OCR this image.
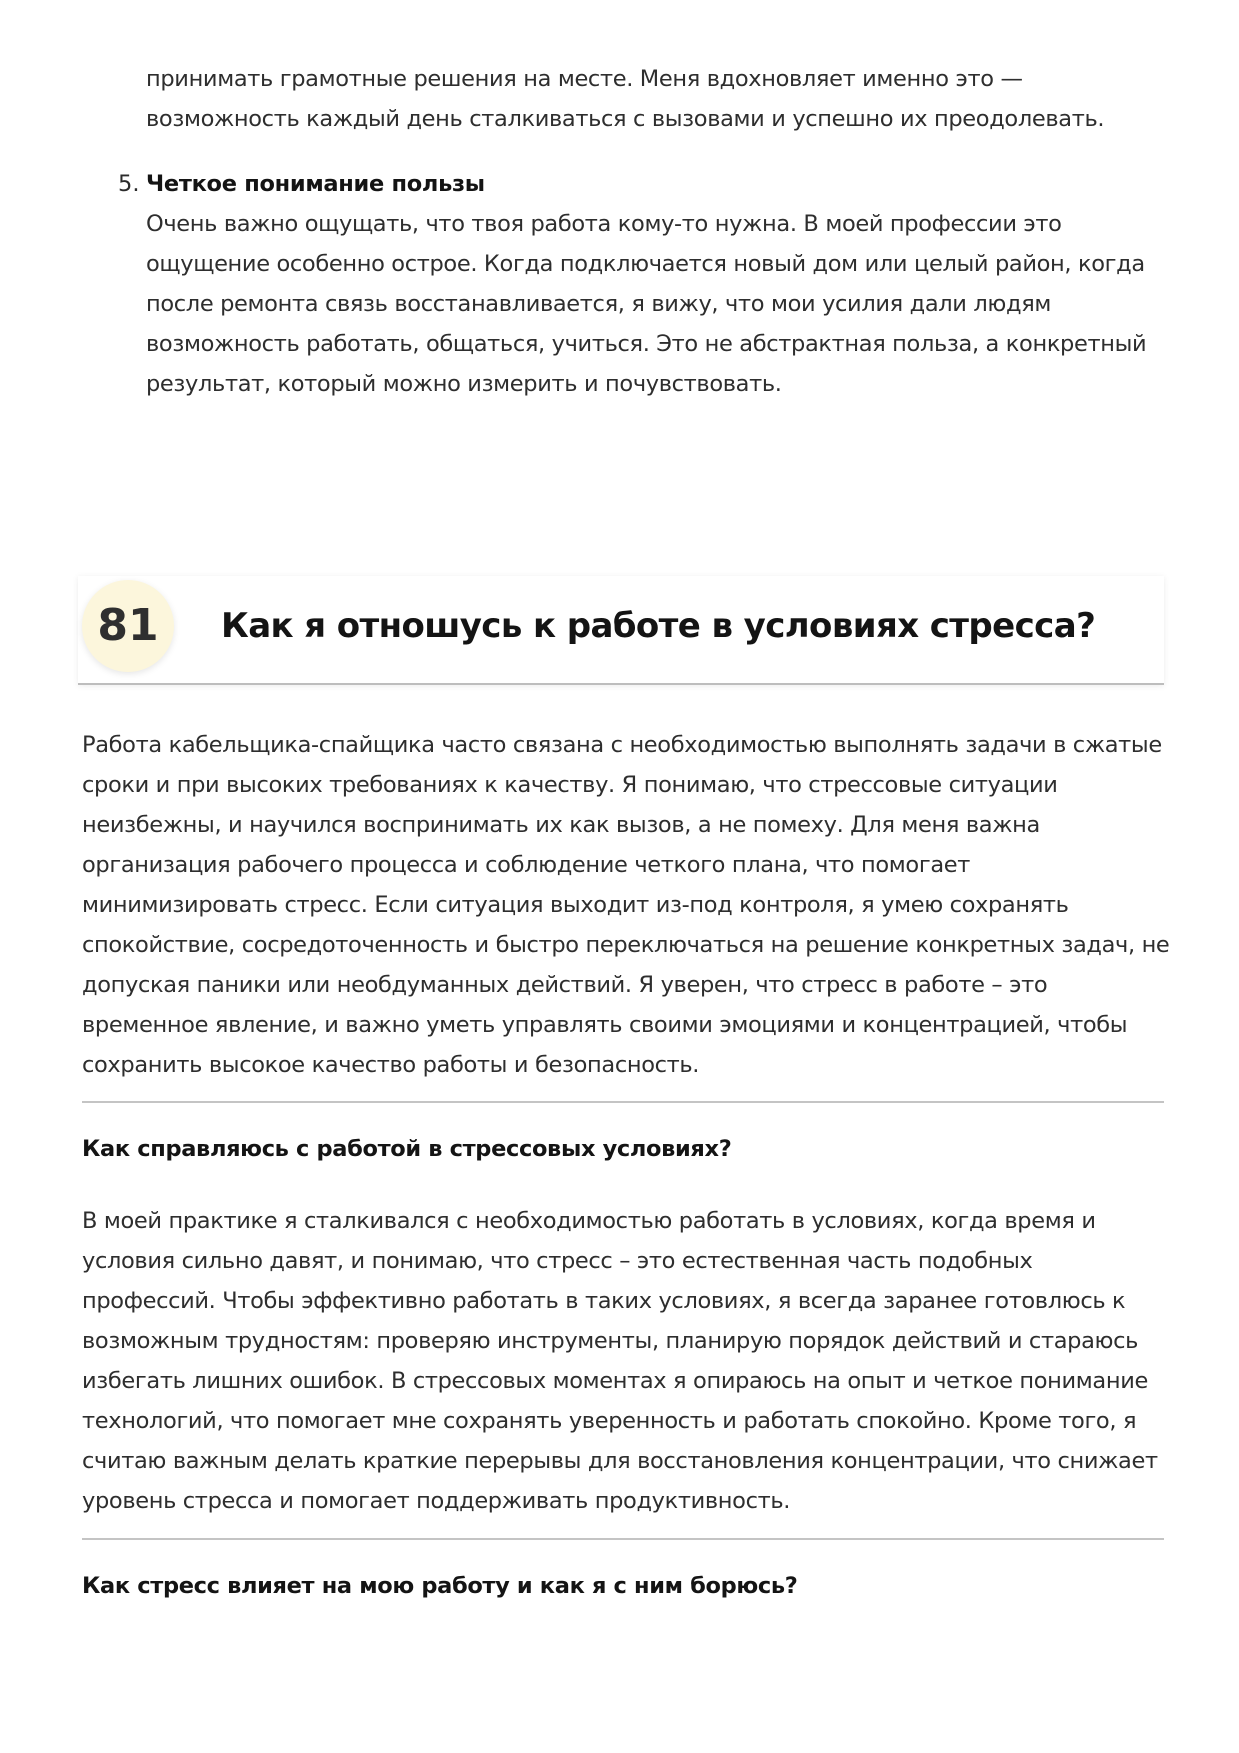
принимать грамотные решения на месте. Меня вдохновляет именно это — возможность каждый день сталкиваться с вызовами и успешно их преодолевать.

5. Четкое понимание пользы

Очень важно ощущать, что твоя работа кому-то нужна. В моей профессии это ощущение особенно острое. Когда подключается новый дом или целый район, когда после ремонта связь восстанавливается, я вижу, что мои усилия дали людям возможность работать, общаться, учиться. Это не абстрактная польза, а конкретный результат, который можно измерить и почувствовать.

81	Как я отношусь к работе в условиях стресса?

Работа кабельщика-спайщика часто связана с необходимостью выполнять задачи в сжатые сроки и при высоких требованиях к качеству. Я понимаю, что стрессовые ситуации неизбежны, и научился воспринимать их как вызов, а не помеху. Для меня важна организация рабочего процесса и соблюдение четкого плана, что помогает минимизировать стресс. Если ситуация выходит из-под контроля, я умею сохранять спокойствие, сосредоточенность и быстро переключаться на решение конкретных задач, не допуская паники или необдуманных действий. Я уверен, что стресс в работе – это временное явление, и важно уметь управлять своими эмоциями и концентрацией, чтобы сохранить высокое качество работы и безопасность.

Как справляюсь с работой в стрессовых условиях?

В моей практике я сталкивался с необходимостью работать в условиях, когда время и условия сильно давят, и понимаю, что стресс – это естественная часть подобных профессий. Чтобы эффективно работать в таких условиях, я всегда заранее готовлюсь к возможным трудностям: проверяю инструменты, планирую порядок действий и стараюсь избегать лишних ошибок. В стрессовых моментах я опираюсь на опыт и четкое понимание технологий, что помогает мне сохранять уверенность и работать спокойно. Кроме того, я считаю важным делать краткие перерывы для восстановления концентрации, что снижает уровень стресса и помогает поддерживать продуктивность.

Как стресс влияет на мою работу и как я с ним борюсь?
